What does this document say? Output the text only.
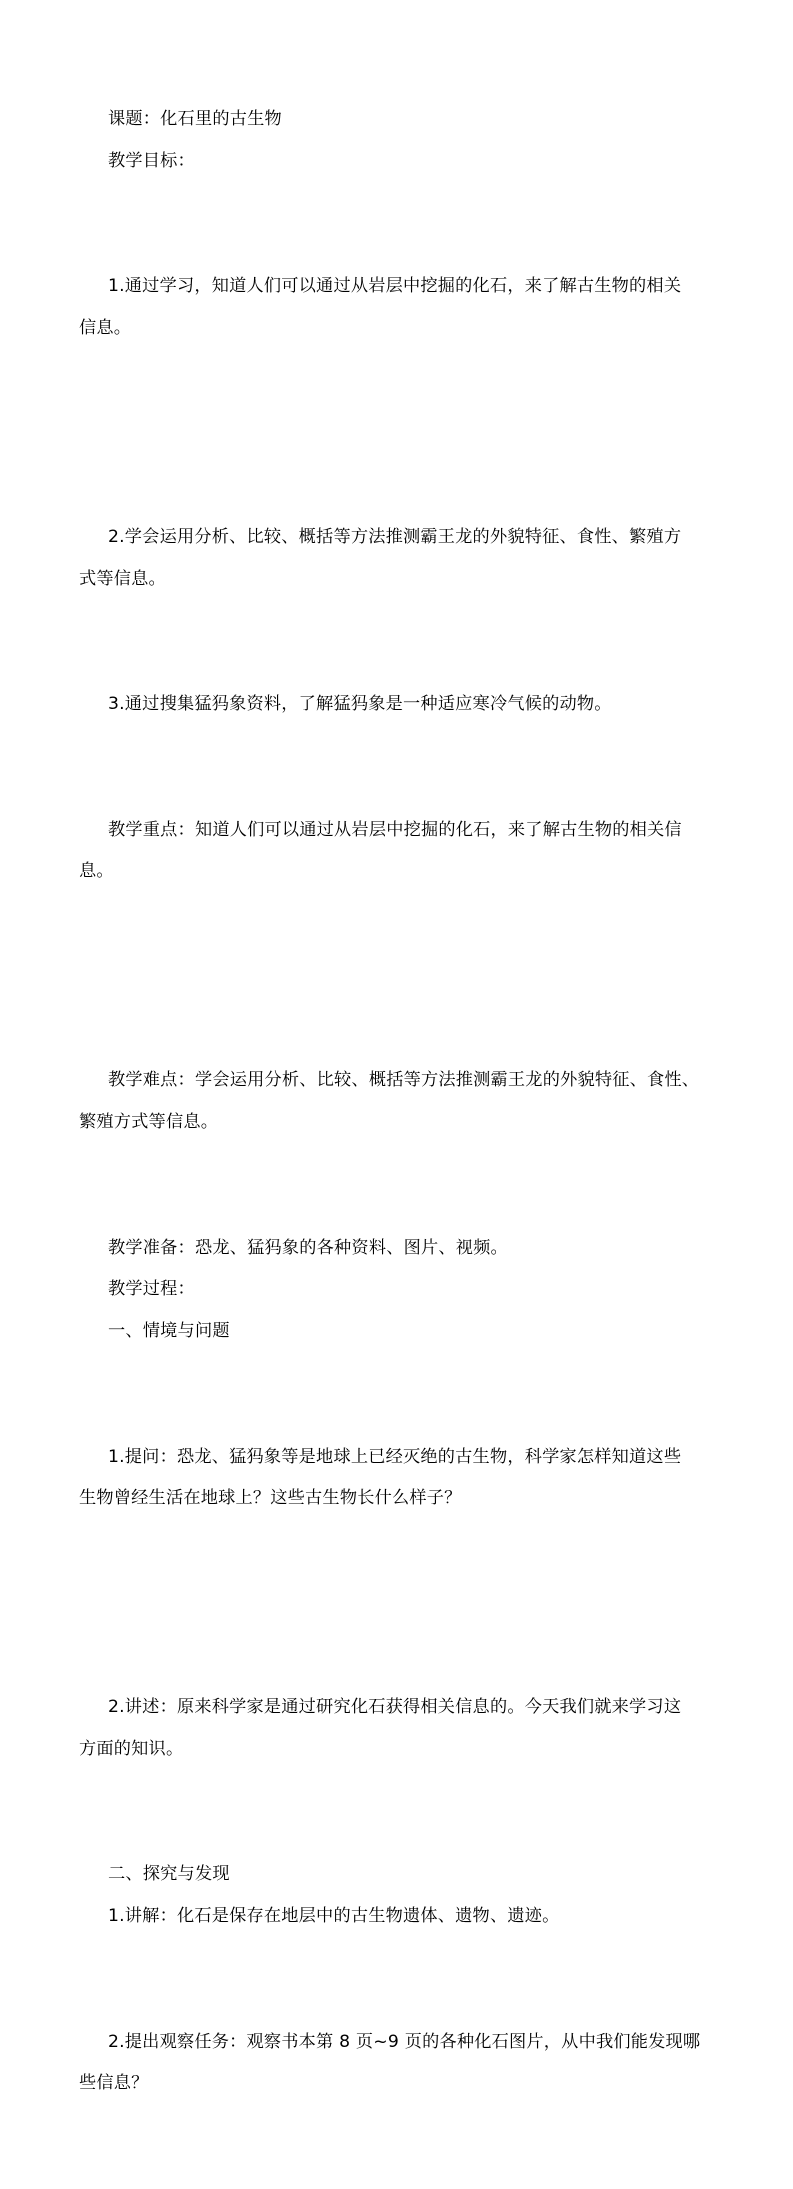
课题：化石里的古生物

教学目标：

1.通过学习，知道人们可以通过从岩层中挖掘的化石，来了解古生物的相关
信息。

2.学会运用分析、比较、概括等方法推测霸王龙的外貌特征、食性、繁殖方
式等信息。

3.通过搜集猛犸象资料，了解猛犸象是一种适应寒冷气候的动物。

教学重点：知道人们可以通过从岩层中挖掘的化石，来了解古生物的相关信
息。

教学难点：学会运用分析、比较、概括等方法推测霸王龙的外貌特征、食性、
繁殖方式等信息。

教学准备：恐龙、猛犸象的各种资料、图片、视频。

教学过程：

一、情境与问题

1.提问：恐龙、猛犸象等是地球上已经灭绝的古生物，科学家怎样知道这些
生物曾经生活在地球上？这些古生物长什么样子？

2.讲述：原来科学家是通过研究化石获得相关信息的。今天我们就来学习这
方面的知识。

二、探究与发现

1.讲解：化石是保存在地层中的古生物遗体、遗物、遗迹。

2.提出观察任务：观察书本第 8 页~9 页的各种化石图片，从中我们能发现哪
些信息？
